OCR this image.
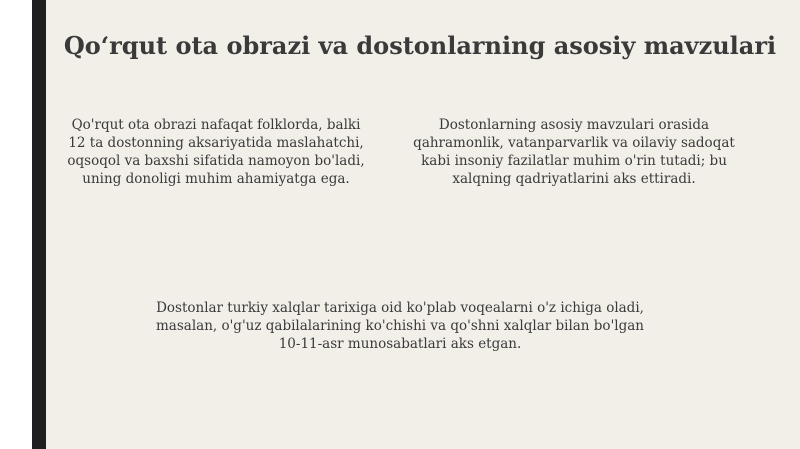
Qo‘rqut ota obrazi va dostonlarning asosiy mavzulari

Qo'rqut ota obrazi nafaqat folklorda, balki
12 ta dostonning aksariyatida maslahatchi,
oqsoqol va baxshi sifatida namoyon bo'ladi,
uning donoligi muhim ahamiyatga ega.

Dostonlarning asosiy mavzulari orasida
qahramonlik, vatanparvarlik va oilaviy sadoqat
kabi insoniy fazilatlar muhim o'rin tutadi; bu
xalqning qadriyatlarini aks ettiradi.

Dostonlar turkiy xalqlar tarixiga oid ko'plab voqealarni o'z ichiga oladi,
masalan, o'g'uz qabilalarining ko'chishi va qo'shni xalqlar bilan bo'lgan
10-11-asr munosabatlari aks etgan.
